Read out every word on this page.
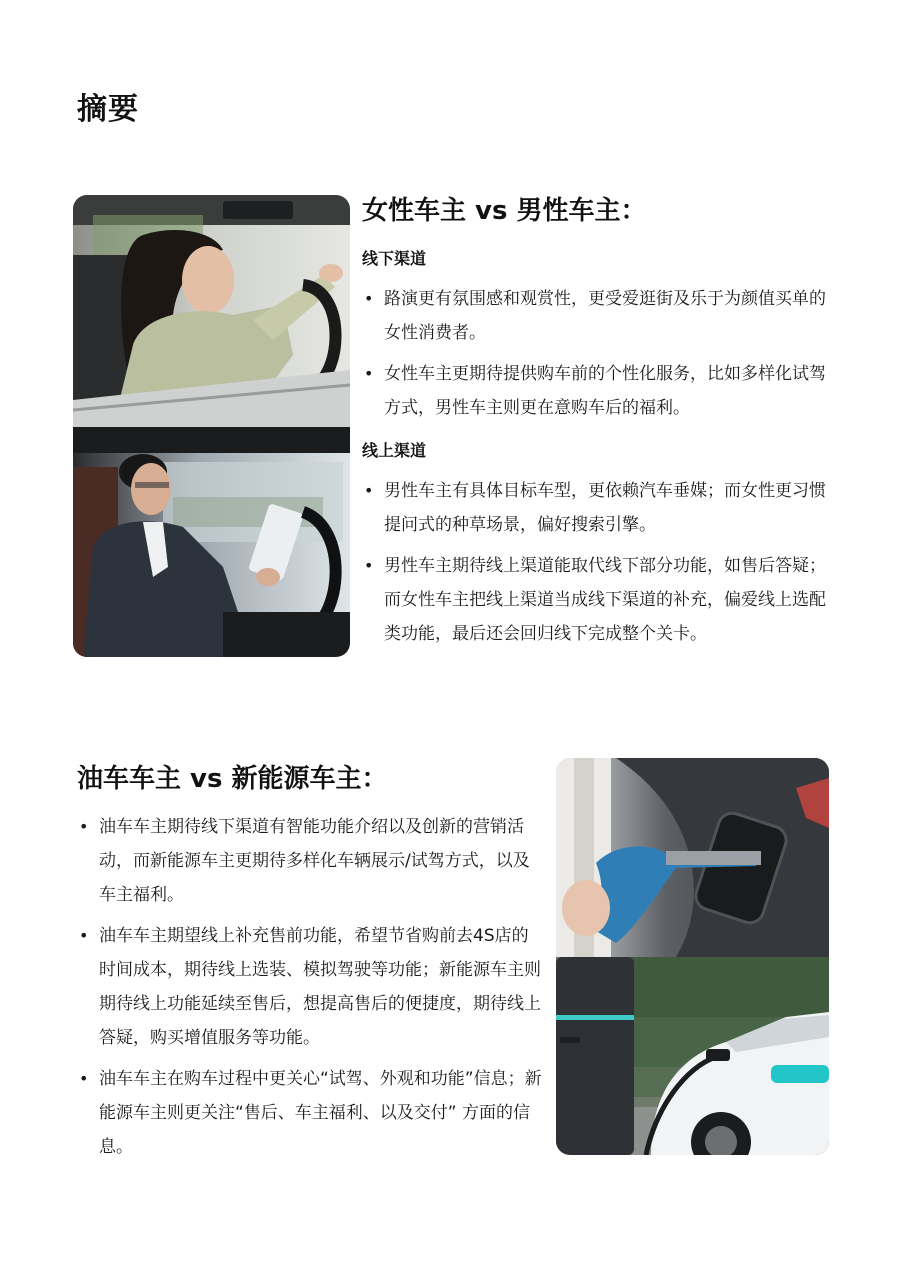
摘要
女性车主 vs 男性车主：
线下渠道
• 路演更有氛围感和观赏性，更受爱逛街及乐于为颜值买单的女性消费者。
• 女性车主更期待提供购车前的个性化服务，比如多样化试驾方式，男性车主则更在意购车后的福利。
线上渠道
• 男性车主有具体目标车型，更依赖汽车垂媒；而女性更习惯提问式的种草场景，偏好搜索引擎。
• 男性车主期待线上渠道能取代线下部分功能，如售后答疑；而女性车主把线上渠道当成线下渠道的补充，偏爱线上选配类功能，最后还会回归线下完成整个关卡。
油车车主 vs 新能源车主：
• 油车车主期待线下渠道有智能功能介绍以及创新的营销活动，而新能源车主更期待多样化车辆展示/试驾方式，以及车主福利。
• 油车车主期望线上补充售前功能，希望节省购前去4S店的时间成本，期待线上选装、模拟驾驶等功能；新能源车主则期待线上功能延续至售后，想提高售后的便捷度，期待线上答疑，购买增值服务等功能。
• 油车车主在购车过程中更关心“试驾、外观和功能”信息；新能源车主则更关注“售后、车主福利、以及交付” 方面的信息。
